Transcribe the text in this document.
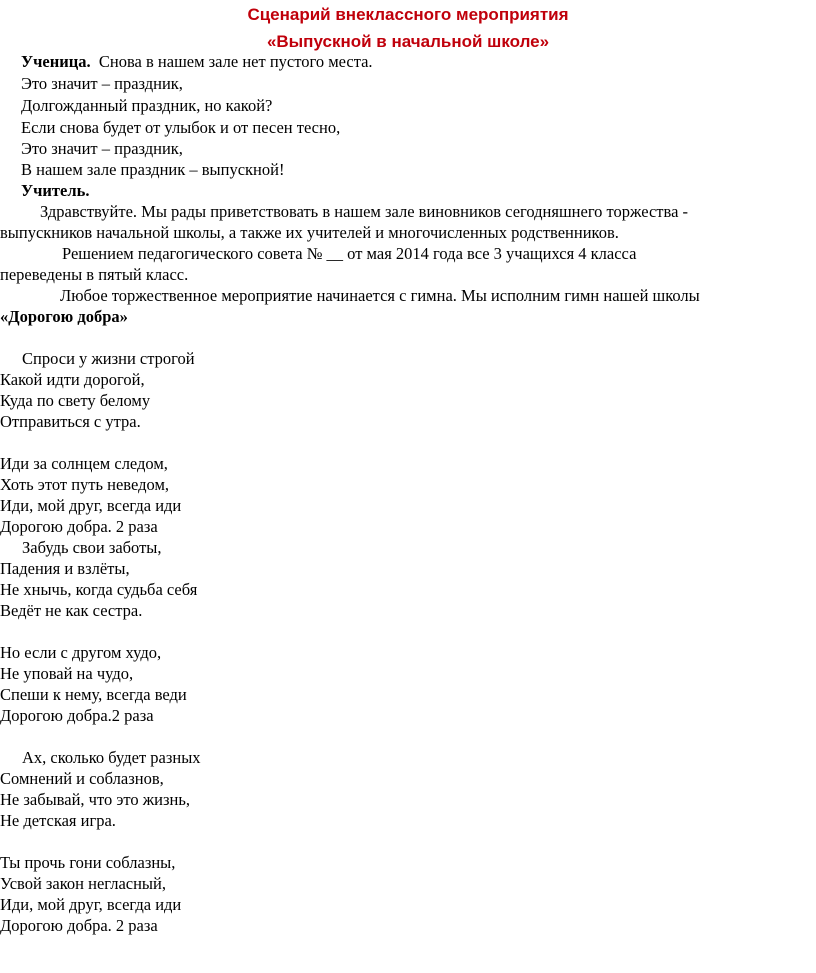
Сценарий внеклассного мероприятия
«Выпускной в начальной школе»
Ученица. Снова в нашем зале нет пустого места.
Это значит – праздник,
Долгожданный праздник, но какой?
Если снова будет от улыбок и от песен тесно,
Это значит – праздник,
В нашем зале праздник – выпускной!
Учитель.
Здравствуйте. Мы рады приветствовать в нашем зале виновников сегодняшнего торжества -
выпускников начальной школы, а также их учителей и многочисленных родственников.
Решением педагогического совета № __ от мая 2014 года все 3 учащихся 4 класса
переведены в пятый класс.
Любое торжественное мероприятие начинается с гимна. Мы исполним гимн нашей школы
«Дорогою добра»
Спроси у жизни строгой
Какой идти дорогой,
Куда по свету белому
Отправиться с утра.
Иди за солнцем следом,
Хоть этот путь неведом,
Иди, мой друг, всегда иди
Дорогою добра. 2 раза
Забудь свои заботы,
Падения и взлёты,
Не хнычь, когда судьба себя
Ведёт не как сестра.
Но если с другом худо,
Не уповай на чудо,
Спеши к нему, всегда веди
Дорогою добра.2 раза
Ах, сколько будет разных
Сомнений и соблазнов,
Не забывай, что это жизнь,
Не детская игра.
Ты прочь гони соблазны,
Усвой закон негласный,
Иди, мой друг, всегда иди
Дорогою добра. 2 раза
